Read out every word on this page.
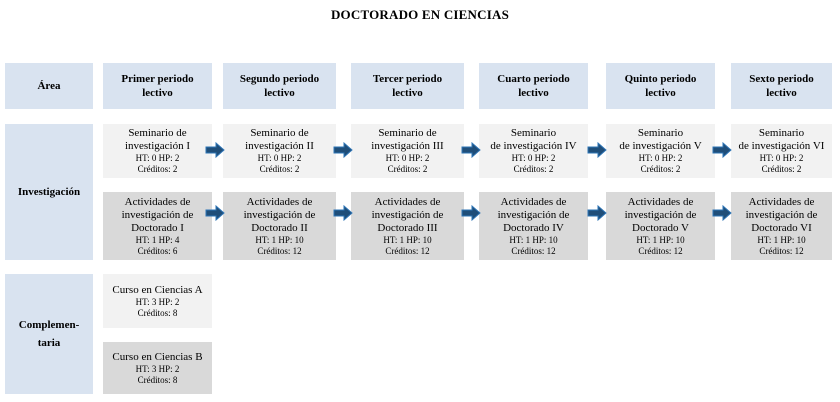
DOCTORADO EN CIENCIAS
Área
Primer periodo
lectivo
Segundo periodo
lectivo
Tercer periodo
lectivo
Cuarto periodo
lectivo
Quinto periodo
lectivo
Sexto periodo
lectivo
Investigación
Complemen-
taria
Seminario de
investigación I
HT: 0 HP: 2
Créditos: 2
Seminario de
investigación II
HT: 0 HP: 2
Créditos: 2
Seminario de
investigación III
HT: 0 HP: 2
Créditos: 2
Seminario
de investigación IV
HT: 0 HP: 2
Créditos: 2
Seminario
de investigación V
HT: 0 HP: 2
Créditos: 2
Seminario
de investigación VI
HT: 0 HP: 2
Créditos: 2
Actividades de
investigación de
Doctorado I
HT: 1 HP: 4
Créditos: 6
Actividades de
investigación de
Doctorado II
HT: 1 HP: 10
Créditos: 12
Actividades de
investigación de
Doctorado III
HT: 1 HP: 10
Créditos: 12
Actividades de
investigación de
Doctorado IV
HT: 1 HP: 10
Créditos: 12
Actividades de
investigación de
Doctorado V
HT: 1 HP: 10
Créditos: 12
Actividades de
investigación de
Doctorado VI
HT: 1 HP: 10
Créditos: 12
Curso en Ciencias A
HT: 3 HP: 2
Créditos: 8
Curso en Ciencias B
HT: 3 HP: 2
Créditos: 8
